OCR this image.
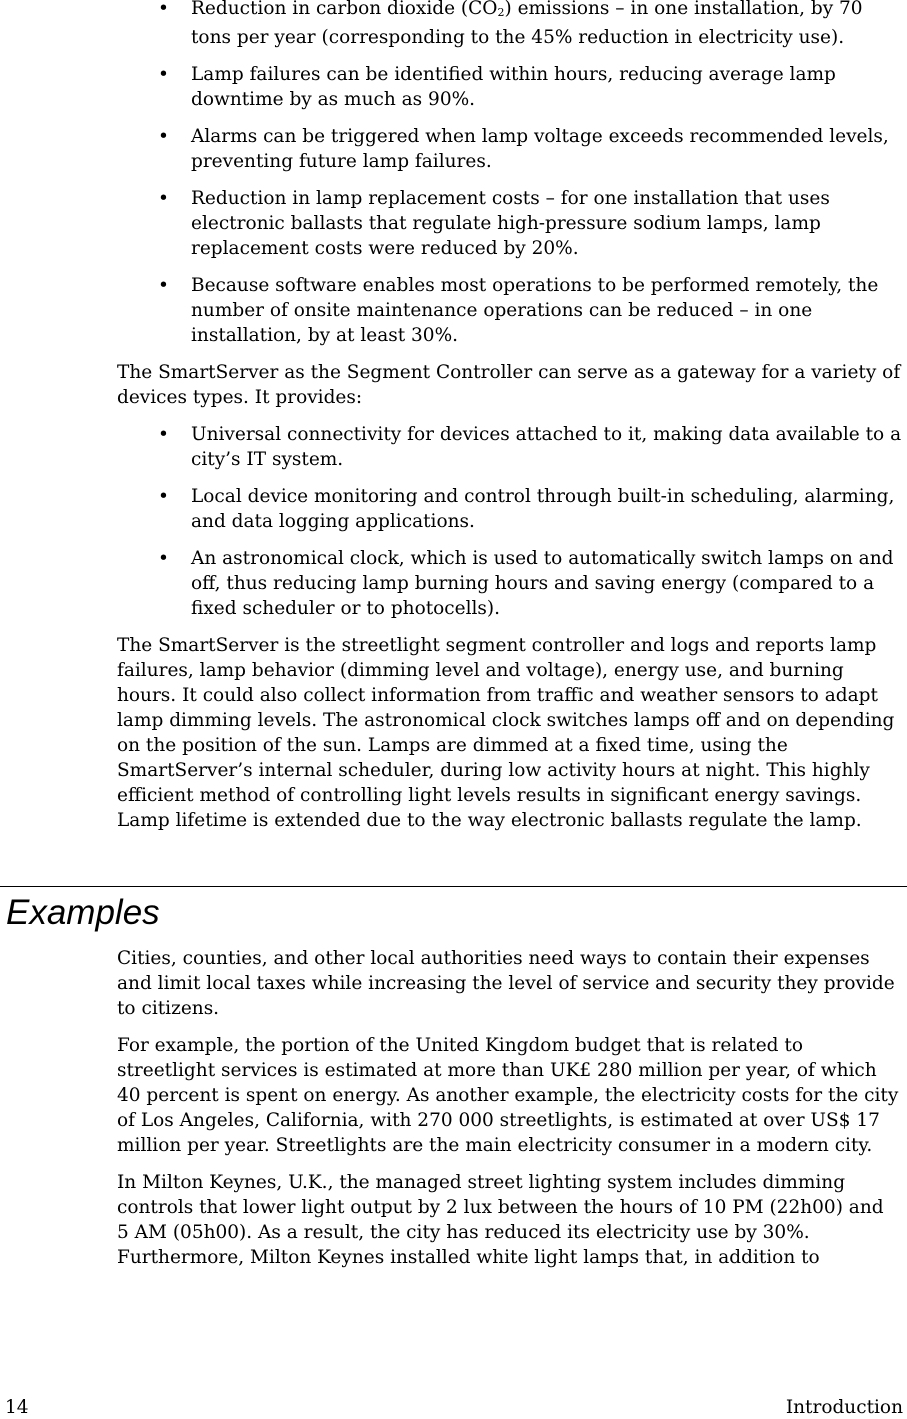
• Reduction in carbon dioxide $(CO_2)$ emissions – in one installation, by 70 tons per year (corresponding to the 45% reduction in electricity use).
• Lamp failures can be identified within hours, reducing average lamp downtime by as much as 90%.
• Alarms can be triggered when lamp voltage exceeds recommended levels, preventing future lamp failures.
• Reduction in lamp replacement costs – for one installation that uses electronic ballasts that regulate high-pressure sodium lamps, lamp replacement costs were reduced by 20%.
• Because software enables most operations to be performed remotely, the number of onsite maintenance operations can be reduced – in one installation, by at least 30%.

The SmartServer as the Segment Controller can serve as a gateway for a variety of devices types. It provides:

• Universal connectivity for devices attached to it, making data available to a city’s IT system.
• Local device monitoring and control through built-in scheduling, alarming, and data logging applications.
• An astronomical clock, which is used to automatically switch lamps on and off, thus reducing lamp burning hours and saving energy (compared to a fixed scheduler or to photocells).

The SmartServer is the streetlight segment controller and logs and reports lamp failures, lamp behavior (dimming level and voltage), energy use, and burning hours. It could also collect information from traffic and weather sensors to adapt lamp dimming levels. The astronomical clock switches lamps off and on depending on the position of the sun. Lamps are dimmed at a fixed time, using the SmartServer’s internal scheduler, during low activity hours at night. This highly efficient method of controlling light levels results in significant energy savings. Lamp lifetime is extended due to the way electronic ballasts regulate the lamp.

Examples

Cities, counties, and other local authorities need ways to contain their expenses and limit local taxes while increasing the level of service and security they provide to citizens.

For example, the portion of the United Kingdom budget that is related to streetlight services is estimated at more than UK£ 280 million per year, of which 40 percent is spent on energy. As another example, the electricity costs for the city of Los Angeles, California, with 270 000 streetlights, is estimated at over US$ 17 million per year. Streetlights are the main electricity consumer in a modern city.

In Milton Keynes, U.K., the managed street lighting system includes dimming controls that lower light output by 2 lux between the hours of 10 PM (22h00) and 5 AM (05h00). As a result, the city has reduced its electricity use by 30%. Furthermore, Milton Keynes installed white light lamps that, in addition to

14	Introduction
